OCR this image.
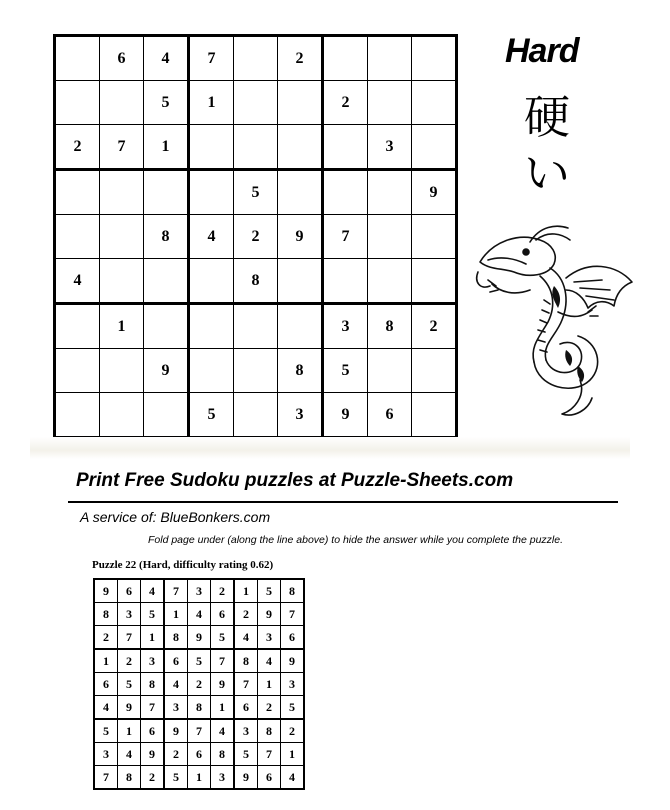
	6	4	7		2			
		5	1			2		
2	7	1					3	
				5				9
		8	4	2	9	7		
4				8				
	1					3	8	2
		9			8	5		
			5		3	9	6	
Hard
硬
い
Print Free Sudoku puzzles at Puzzle-Sheets.com
A service of: BlueBonkers.com
Fold page under (along the line above) to hide the answer while you complete the puzzle.
Puzzle 22 (Hard, difficulty rating 0.62)
9	6	4	7	3	2	1	5	8
8	3	5	1	4	6	2	9	7
2	7	1	8	9	5	4	3	6
1	2	3	6	5	7	8	4	9
6	5	8	4	2	9	7	1	3
4	9	7	3	8	1	6	2	5
5	1	6	9	7	4	3	8	2
3	4	9	2	6	8	5	7	1
7	8	2	5	1	3	9	6	4
